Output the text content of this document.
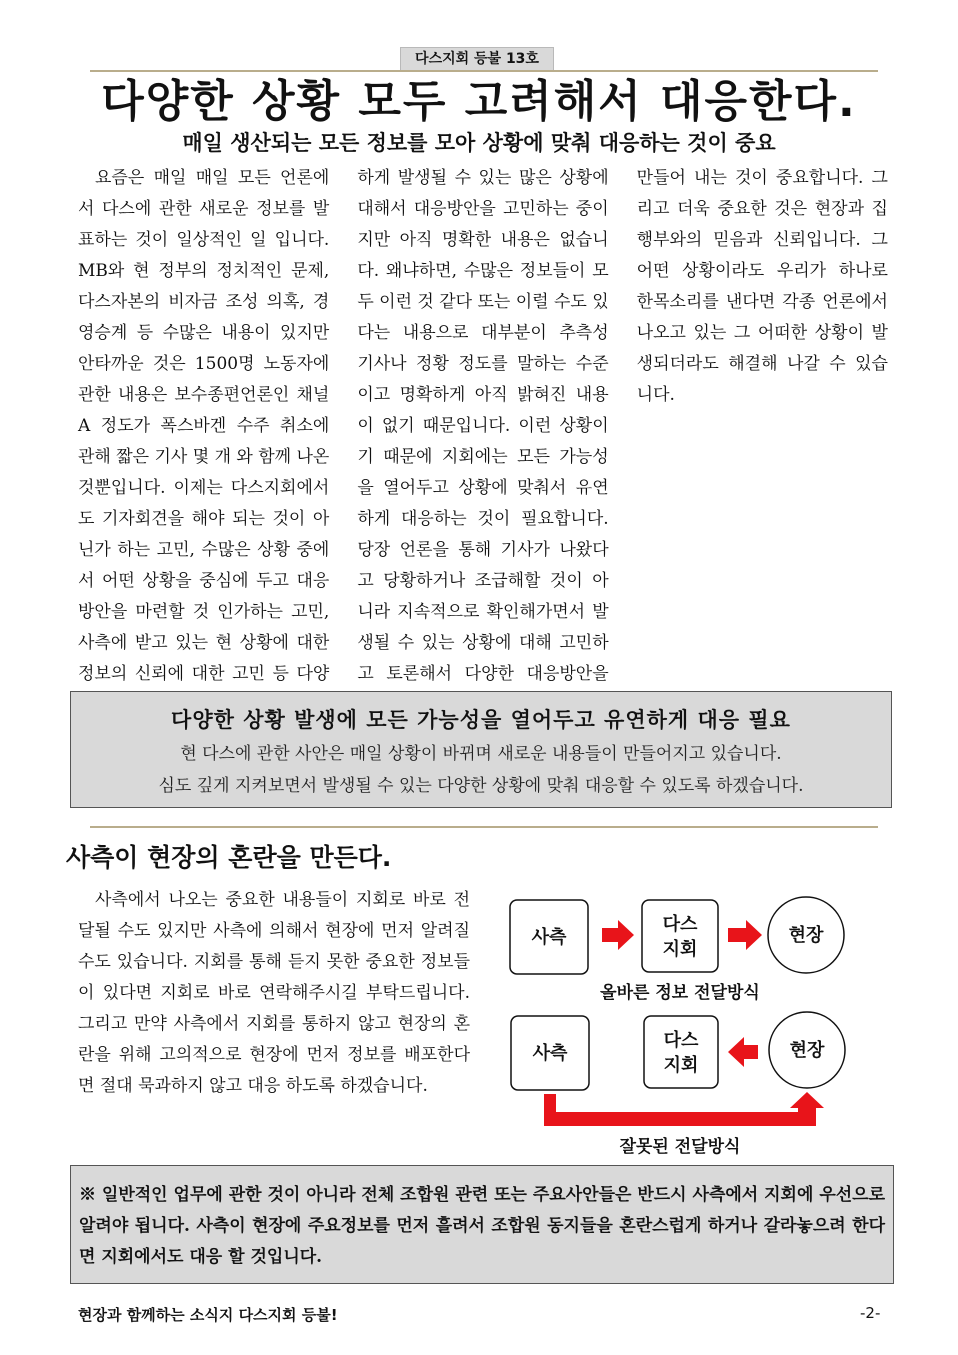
다스지회 등불 13호
다양한 상황 모두 고려해서 대응한다.
매일 생산되는 모든 정보를 모아 상황에 맞춰 대응하는 것이 중요

요즘은 매일 매일 모든 언론에서 다스에 관한 새로운 정보를 발표하는 것이 일상적인 일 입니다. MB와 현 정부의 정치적인 문제, 다스자본의 비자금 조성 의혹, 경영승계 등 수많은 내용이 있지만 안타까운 것은 1500명 노동자에 관한 내용은 보수종편언론인 채널A 정도가 폭스바겐 수주 취소에 관해 짧은 기사 몇 개 와 함께 나온 것뿐입니다. 이제는 다스지회에서도 기자회견을 해야 되는 것이 아닌가 하는 고민, 수많은 상황 중에서 어떤 상황을 중심에 두고 대응방안을 마련할 것 인가하는 고민, 사측에 받고 있는 현 상황에 대한 정보의 신뢰에 대한 고민 등 다양하게 발생될 수 있는 많은 상황에 대해서 대응방안을 고민하는 중이지만 아직 명확한 내용은 없습니다. 왜냐하면, 수많은 정보들이 모두 이런 것 같다 또는 이럴 수도 있다는 내용으로 대부분이 추측성 기사나 정황 정도를 말하는 수준이고 명확하게 아직 밝혀진 내용이 없기 때문입니다. 이런 상황이기 때문에 지회에는 모든 가능성을 열어두고 상황에 맞춰서 유연하게 대응하는 것이 필요합니다. 당장 언론을 통해 기사가 나왔다고 당황하거나 조급해할 것이 아니라 지속적으로 확인해가면서 발생될 수 있는 상황에 대해 고민하고 토론해서 다양한 대응방안을 만들어 내는 것이 중요합니다. 그리고 더욱 중요한 것은 현장과 집행부와의 믿음과 신뢰입니다. 그 어떤 상황이라도 우리가 하나로 한목소리를 낸다면 각종 언론에서 나오고 있는 그 어떠한 상황이 발생되더라도 해결해 나갈 수 있습니다.

다양한 상황 발생에 모든 가능성을 열어두고 유연하게 대응 필요
현 다스에 관한 사안은 매일 상황이 바뀌며 새로운 내용들이 만들어지고 있습니다.
심도 깊게 지켜보면서 발생될 수 있는 다양한 상황에 맞춰 대응할 수 있도록 하겠습니다.
사측이 현장의 혼란을 만든다.

사측에서 나오는 중요한 내용들이 지회로 바로 전달될 수도 있지만 사측에 의해서 현장에 먼저 알려질 수도 있습니다. 지회를 통해 듣지 못한 중요한 정보들이 있다면 지회로 바로 연락해주시길 부탁드립니다. 그리고 만약 사측에서 지회를 통하지 않고 현장의 혼란을 위해 고의적으로 현장에 먼저 정보를 배포한다면 절대 묵과하지 않고 대응 하도록 하겠습니다.

사측
다스
지회
현장
올바른 정보 전달방식
사측
다스
지회
현장
잘못된 전달방식
※ 일반적인 업무에 관한 것이 아니라 전체 조합원 관련 또는 주요사안들은 반드시 사측에서 지회에 우선으로 알려야 됩니다. 사측이 현장에 주요정보를 먼저 흘려서 조합원 동지들을 혼란스럽게 하거나 갈라놓으려 한다면 지회에서도 대응 할 것입니다.
현장과 함께하는 소식지 다스지회 등불!	-2-
